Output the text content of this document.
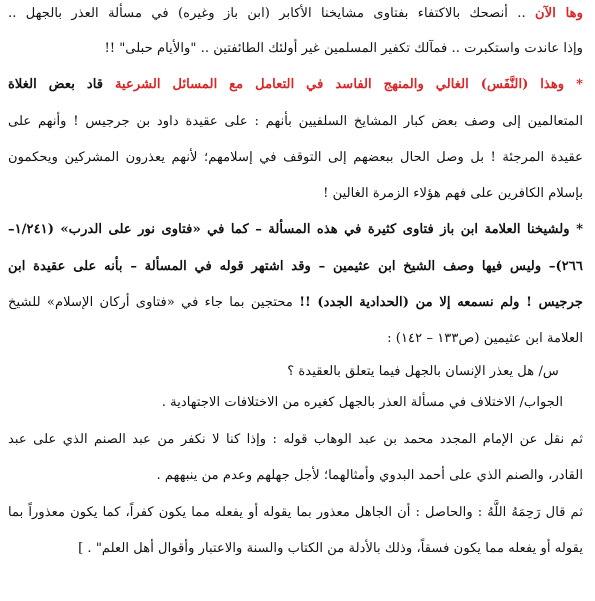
وها الآن .. أنصحك بالاكتفاء بفتاوى مشايخنا الأكابر (ابن باز وغيره) في مسألة العذر بالجهل ..
وإذا عاندت واستكبرت .. فمآلك تكفير المسلمين غير أولئك الطائفتين .. "والأيام حبلى" !!
* وهذا (النَّفَس) الغالي والمنهج الفاسد في التعامل مع المسائل الشرعية قاد بعض الغلاة
المتعالمين إلى وصف بعض كبار المشايخ السلفيين بأنهم : على عقيدة داود بن جرجيس ! وأنهم على
عقيدة المرجئة ! بل وصل الحال ببعضهم إلى التوقف في إسلامهم؛ لأنهم يعذرون المشركين ويحكمون
بإسلام الكافرين على فهم هؤلاء الزمرة الغالين !
* ولشيخنا العلامة ابن باز فتاوى كثيرة في هذه المسألة – كما في «فتاوى نور على الدرب» (١/٢٤١–
٢٦٦)– وليس فيها وصف الشيخ ابن عثيمين – وقد اشتهر قوله في المسألة – بأنه على عقيدة ابن
جرجيس ! ولم نسمعه إلا من (الحدادية الجدد) !! محتجين بما جاء في «فتاوى أركان الإسلام» للشيخ
العلامة ابن عثيمين (ص١٣٣ – ١٤٢) :
س/ هل يعذر الإنسان بالجهل فيما يتعلق بالعقيدة ؟
الجواب/ الاختلاف في مسألة العذر بالجهل كغيره من الاختلافات الاجتهادية .
ثم نقل عن الإمام المجدد محمد بن عبد الوهاب قوله : وإذا كنا لا نكفر من عبد الصنم الذي على عبد
القادر، والصنم الذي على أحمد البدوي وأمثالهما؛ لأجل جهلهم وعدم من ينبههم .
ثم قال رَحِمَهُ اللَّهُ : والحاصل : أن الجاهل معذور بما يقوله أو يفعله مما يكون كفراً، كما يكون معذوراً بما
يقوله أو يفعله مما يكون فسقاً، وذلك بالأدلة من الكتاب والسنة والاعتبار وأقوال أهل العلم" . ]
